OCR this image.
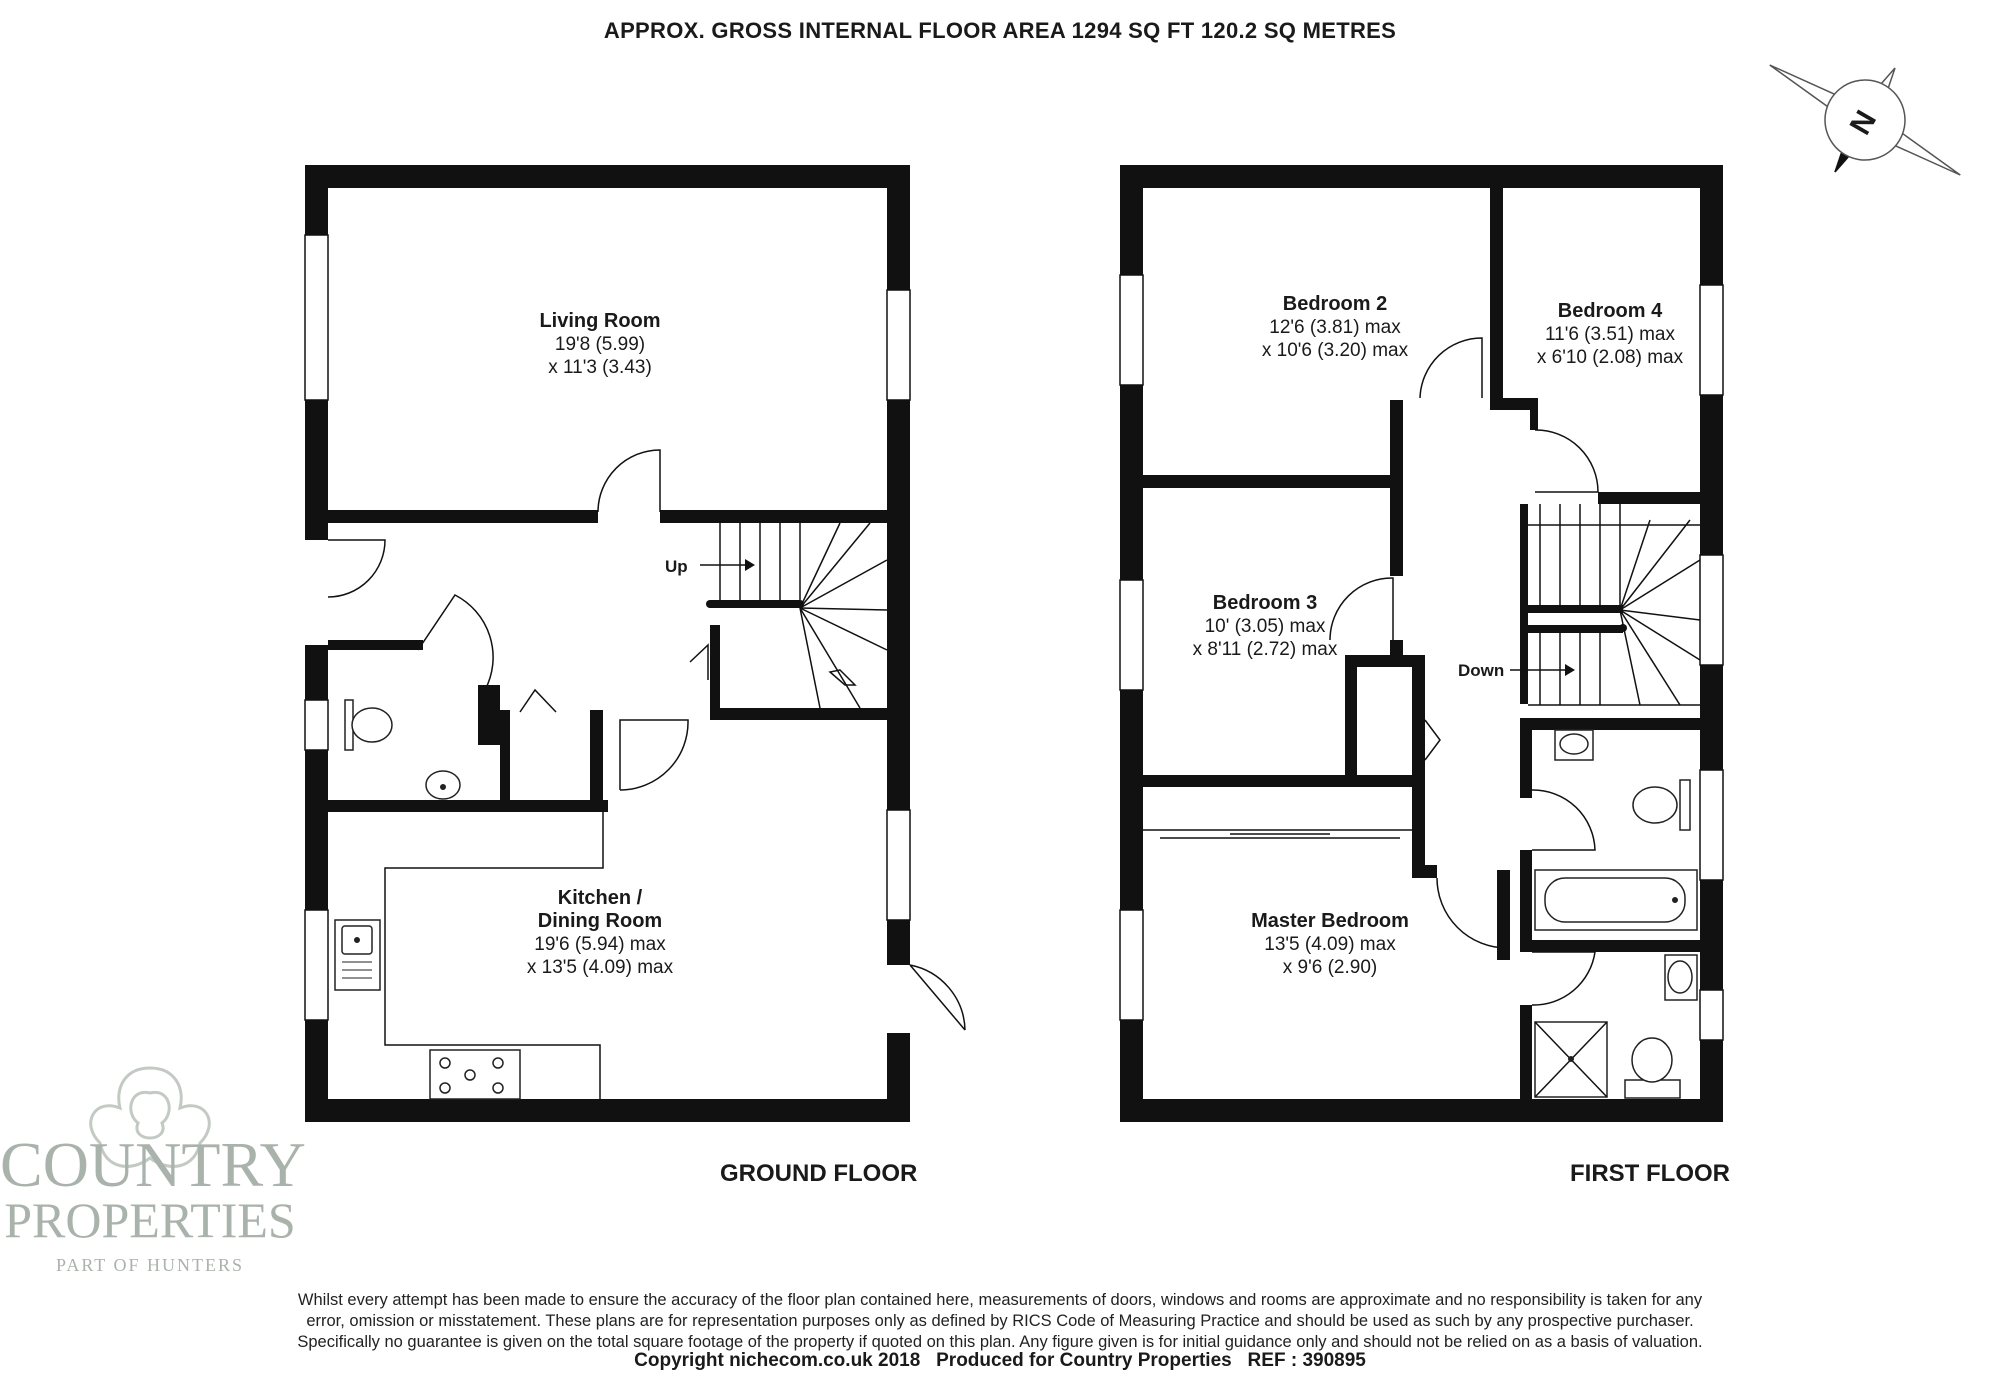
APPROX. GROSS INTERNAL FLOOR AREA 1294 SQ FT 120.2 SQ METRES
N
Living Room
19'8 (5.99)
x 11'3 (3.43)
Up
Kitchen /
Dining Room
19'6 (5.94) max
x 13'5 (4.09) max
GROUND FLOOR
Bedroom 2
12'6 (3.81) max
x 10'6 (3.20) max
Bedroom 4
11'6 (3.51) max
x 6'10 (2.08) max
Bedroom 3
10' (3.05) max
x 8'11 (2.72) max
Down
Master Bedroom
13'5 (4.09) max
x 9'6 (2.90)
FIRST FLOOR
COUNTRY
PROPERTIES
PART OF HUNTERS
Whilst every attempt has been made to ensure the accuracy of the floor plan contained here, measurements of doors, windows and rooms are approximate and no responsibility is taken for any
error, omission or misstatement. These plans are for representation purposes only as defined by RICS Code of Measuring Practice and should be used as such by any prospective purchaser.
Specifically no guarantee is given on the total square footage of the property if quoted on this plan. Any figure given is for initial guidance only and should not be relied on as a basis of valuation.
Copyright nichecom.co.uk 2018   Produced for Country Properties   REF : 390895
